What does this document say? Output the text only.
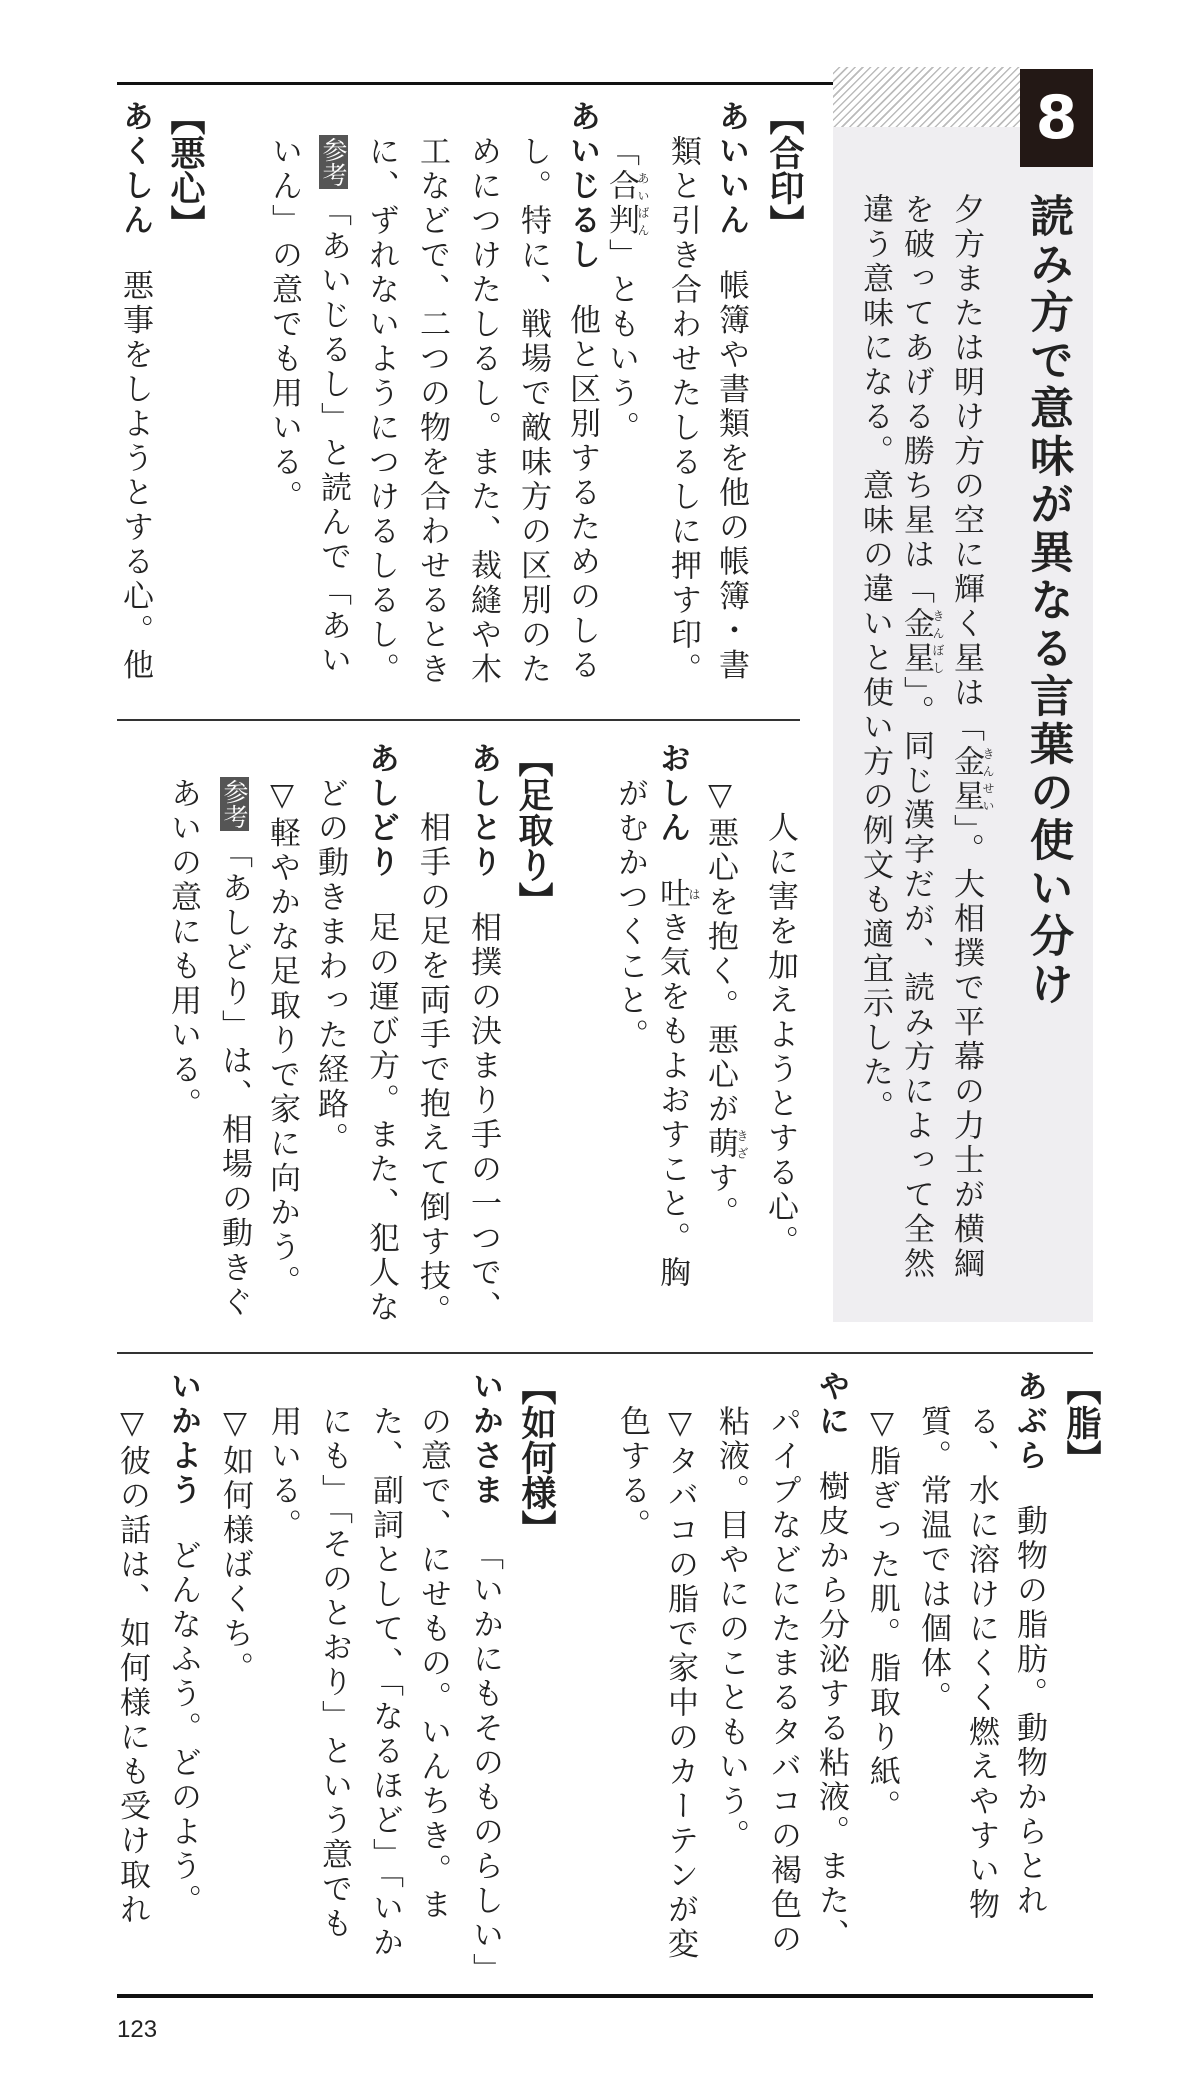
8
読み方で意味が異なる言葉の使い分け
夕方または明け方の空に輝く星は「金星きんせい」。大相撲で平幕の力士が横綱
を破ってあげる勝ち星は「金星きんぼし」。同じ漢字だが、読み方によって全然
違う意味になる。意味の違いと使い方の例文も適宜示した。
【合印】
あいいん帳簿や書類を他の帳簿・書
類と引き合わせたしるしに押す印。
「合判あいばん」ともいう。
あいじるし他と区別するためのしる
し。特に、戦場で敵味方の区別のた
めにつけたしるし。また、裁縫や木
工などで、二つの物を合わせるとき
に、ずれないようにつけるしるし。
参考「あいじるし」と読んで「あい
いん」の意でも用いる。
【悪心】
あくしん悪事をしようとする心。他
人に害を加えようとする心。
▽悪心を抱く。悪心が萌きざす。
おしん吐はき気をもよおすこと。胸
がむかつくこと。
【足取り】
あしとり相撲の決まり手の一つで、
相手の足を両手で抱えて倒す技。
あしどり足の運び方。また、犯人な
どの動きまわった経路。
▽軽やかな足取りで家に向かう。
参考「あしどり」は、相場の動きぐ
あいの意にも用いる。
【脂】
あぶら動物の脂肪。動物からとれ
る、水に溶けにくく燃えやすい物
質。常温では個体。
▽脂ぎった肌。脂取り紙。
やに樹皮から分泌する粘液。また、
パイプなどにたまるタバコの褐色の
粘液。目やにのこともいう。
▽タバコの脂で家中のカーテンが変
色する。
【如何様】
いかさま「いかにもそのものらしい」
の意で、にせもの。いんちき。ま
た、副詞として、「なるほど」「いか
にも」「そのとおり」という意でも
用いる。
▽如何様ばくち。
いかようどんなふう。どのよう。
▽彼の話は、如何様にも受け取れ
123
